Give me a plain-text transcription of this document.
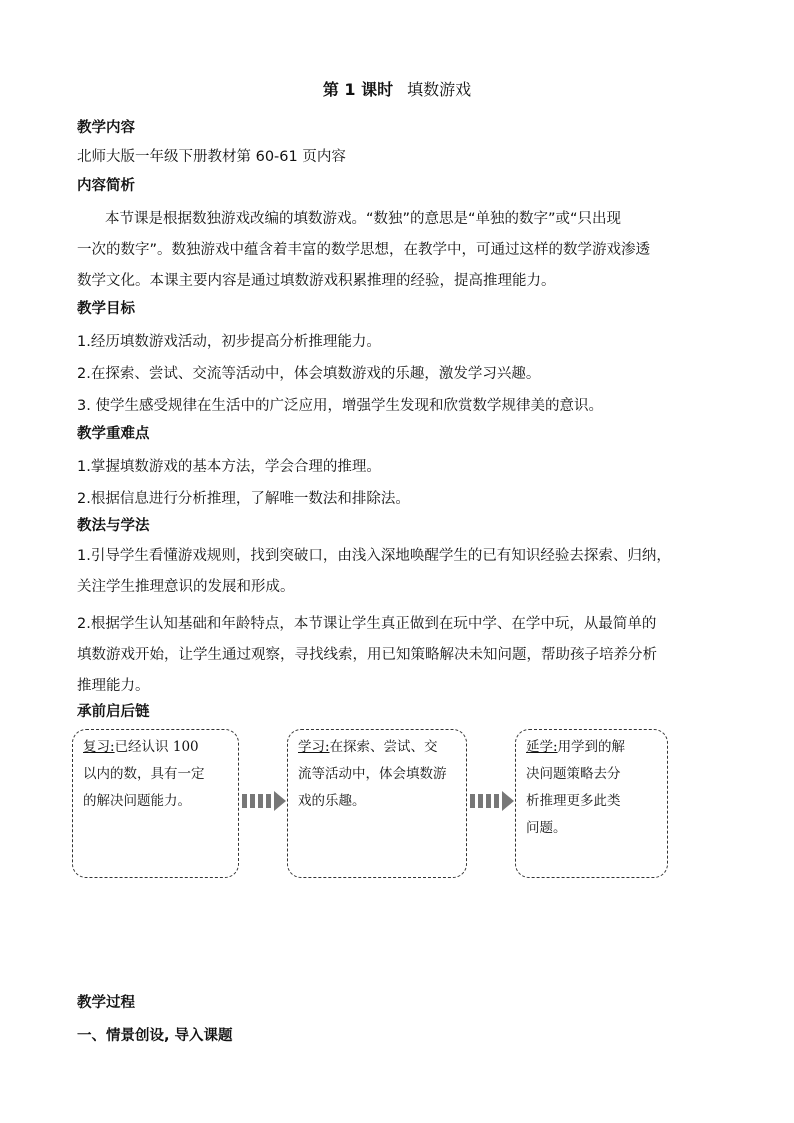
第 1 课时 填数游戏
教学内容
北师大版一年级下册教材第 60-61 页内容
内容简析
本节课是根据数独游戏改编的填数游戏。“数独”的意思是“单独的数字”或“只出现
一次的数字”。数独游戏中蕴含着丰富的数学思想，在教学中，可通过这样的数学游戏渗透
数学文化。本课主要内容是通过填数游戏积累推理的经验，提高推理能力。
教学目标
1.经历填数游戏活动，初步提高分析推理能力。
2.在探索、尝试、交流等活动中，体会填数游戏的乐趣，激发学习兴趣。
3. 使学生感受规律在生活中的广泛应用，增强学生发现和欣赏数学规律美的意识。
教学重难点
1.掌握填数游戏的基本方法，学会合理的推理。
2.根据信息进行分析推理，了解唯一数法和排除法。
教法与学法
1.引导学生看懂游戏规则，找到突破口，由浅入深地唤醒学生的已有知识经验去探索、归纳，
关注学生推理意识的发展和形成。
2.根据学生认知基础和年龄特点，本节课让学生真正做到在玩中学、在学中玩，从最简单的
填数游戏开始，让学生通过观察，寻找线索，用已知策略解决未知问题，帮助孩子培养分析
推理能力。
承前启后链
复习:已经认识 100
以内的数，具有一定
的解决问题能力。
学习:在探索、尝试、交
流等活动中，体会填数游
戏的乐趣。
延学:用学到的解
决问题策略去分
析推理更多此类
问题。
教学过程
一、情景创设, 导入课题
